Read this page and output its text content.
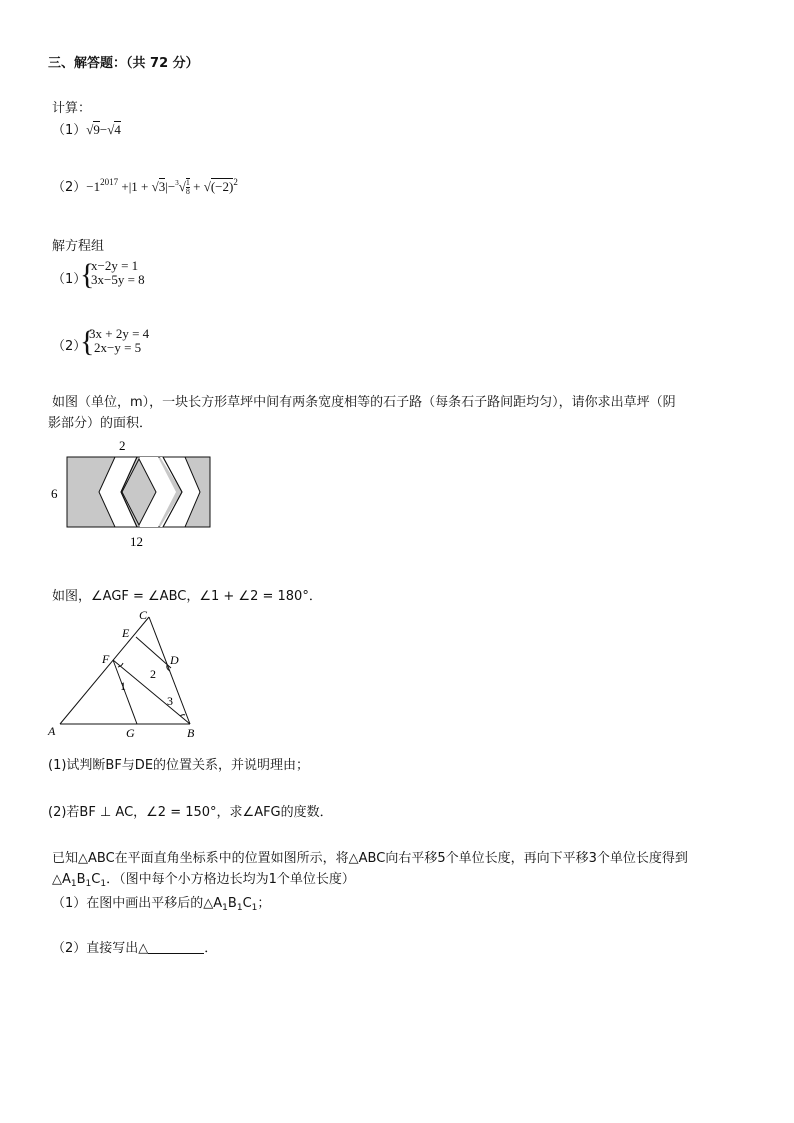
三、解答题：（共 72 分）
计算：
（1）√9−√4
$(2)-1^{2017} +|1 + √3|-^3√ \frac{1}{8} + √(-2)^2$
解方程组
（1）
{
x−2y = 1
3x−5y = 8
（2）
{
3x + 2y = 4
2x−y = 5
如图（单位，m），一块长方形草坪中间有两条宽度相等的石子路（每条石子路间距均匀），请你求出草坪（阴
影部分）的面积．
2
6
12
如图，∠AGF = ∠ABC，∠1 + ∠2 = 180°．
C
E
D
F
1
2
3
A	G	B
(1)试判断BF与DE的位置关系，并说明理由；
(2)若BF ⊥ AC，∠2 = 150°，求∠AFG的度数．
已知△ABC在平面直角坐标系中的位置如图所示，将△ABC向右平移5个单位长度，再向下平移3个单位长度得到
$\triangle A_1B_1C_1$．（图中每个小方格边长均为1个单位长度）
（1）在图中画出平移后的$\triangle A_1B_1C_1$；
（2）直接写出△	．
